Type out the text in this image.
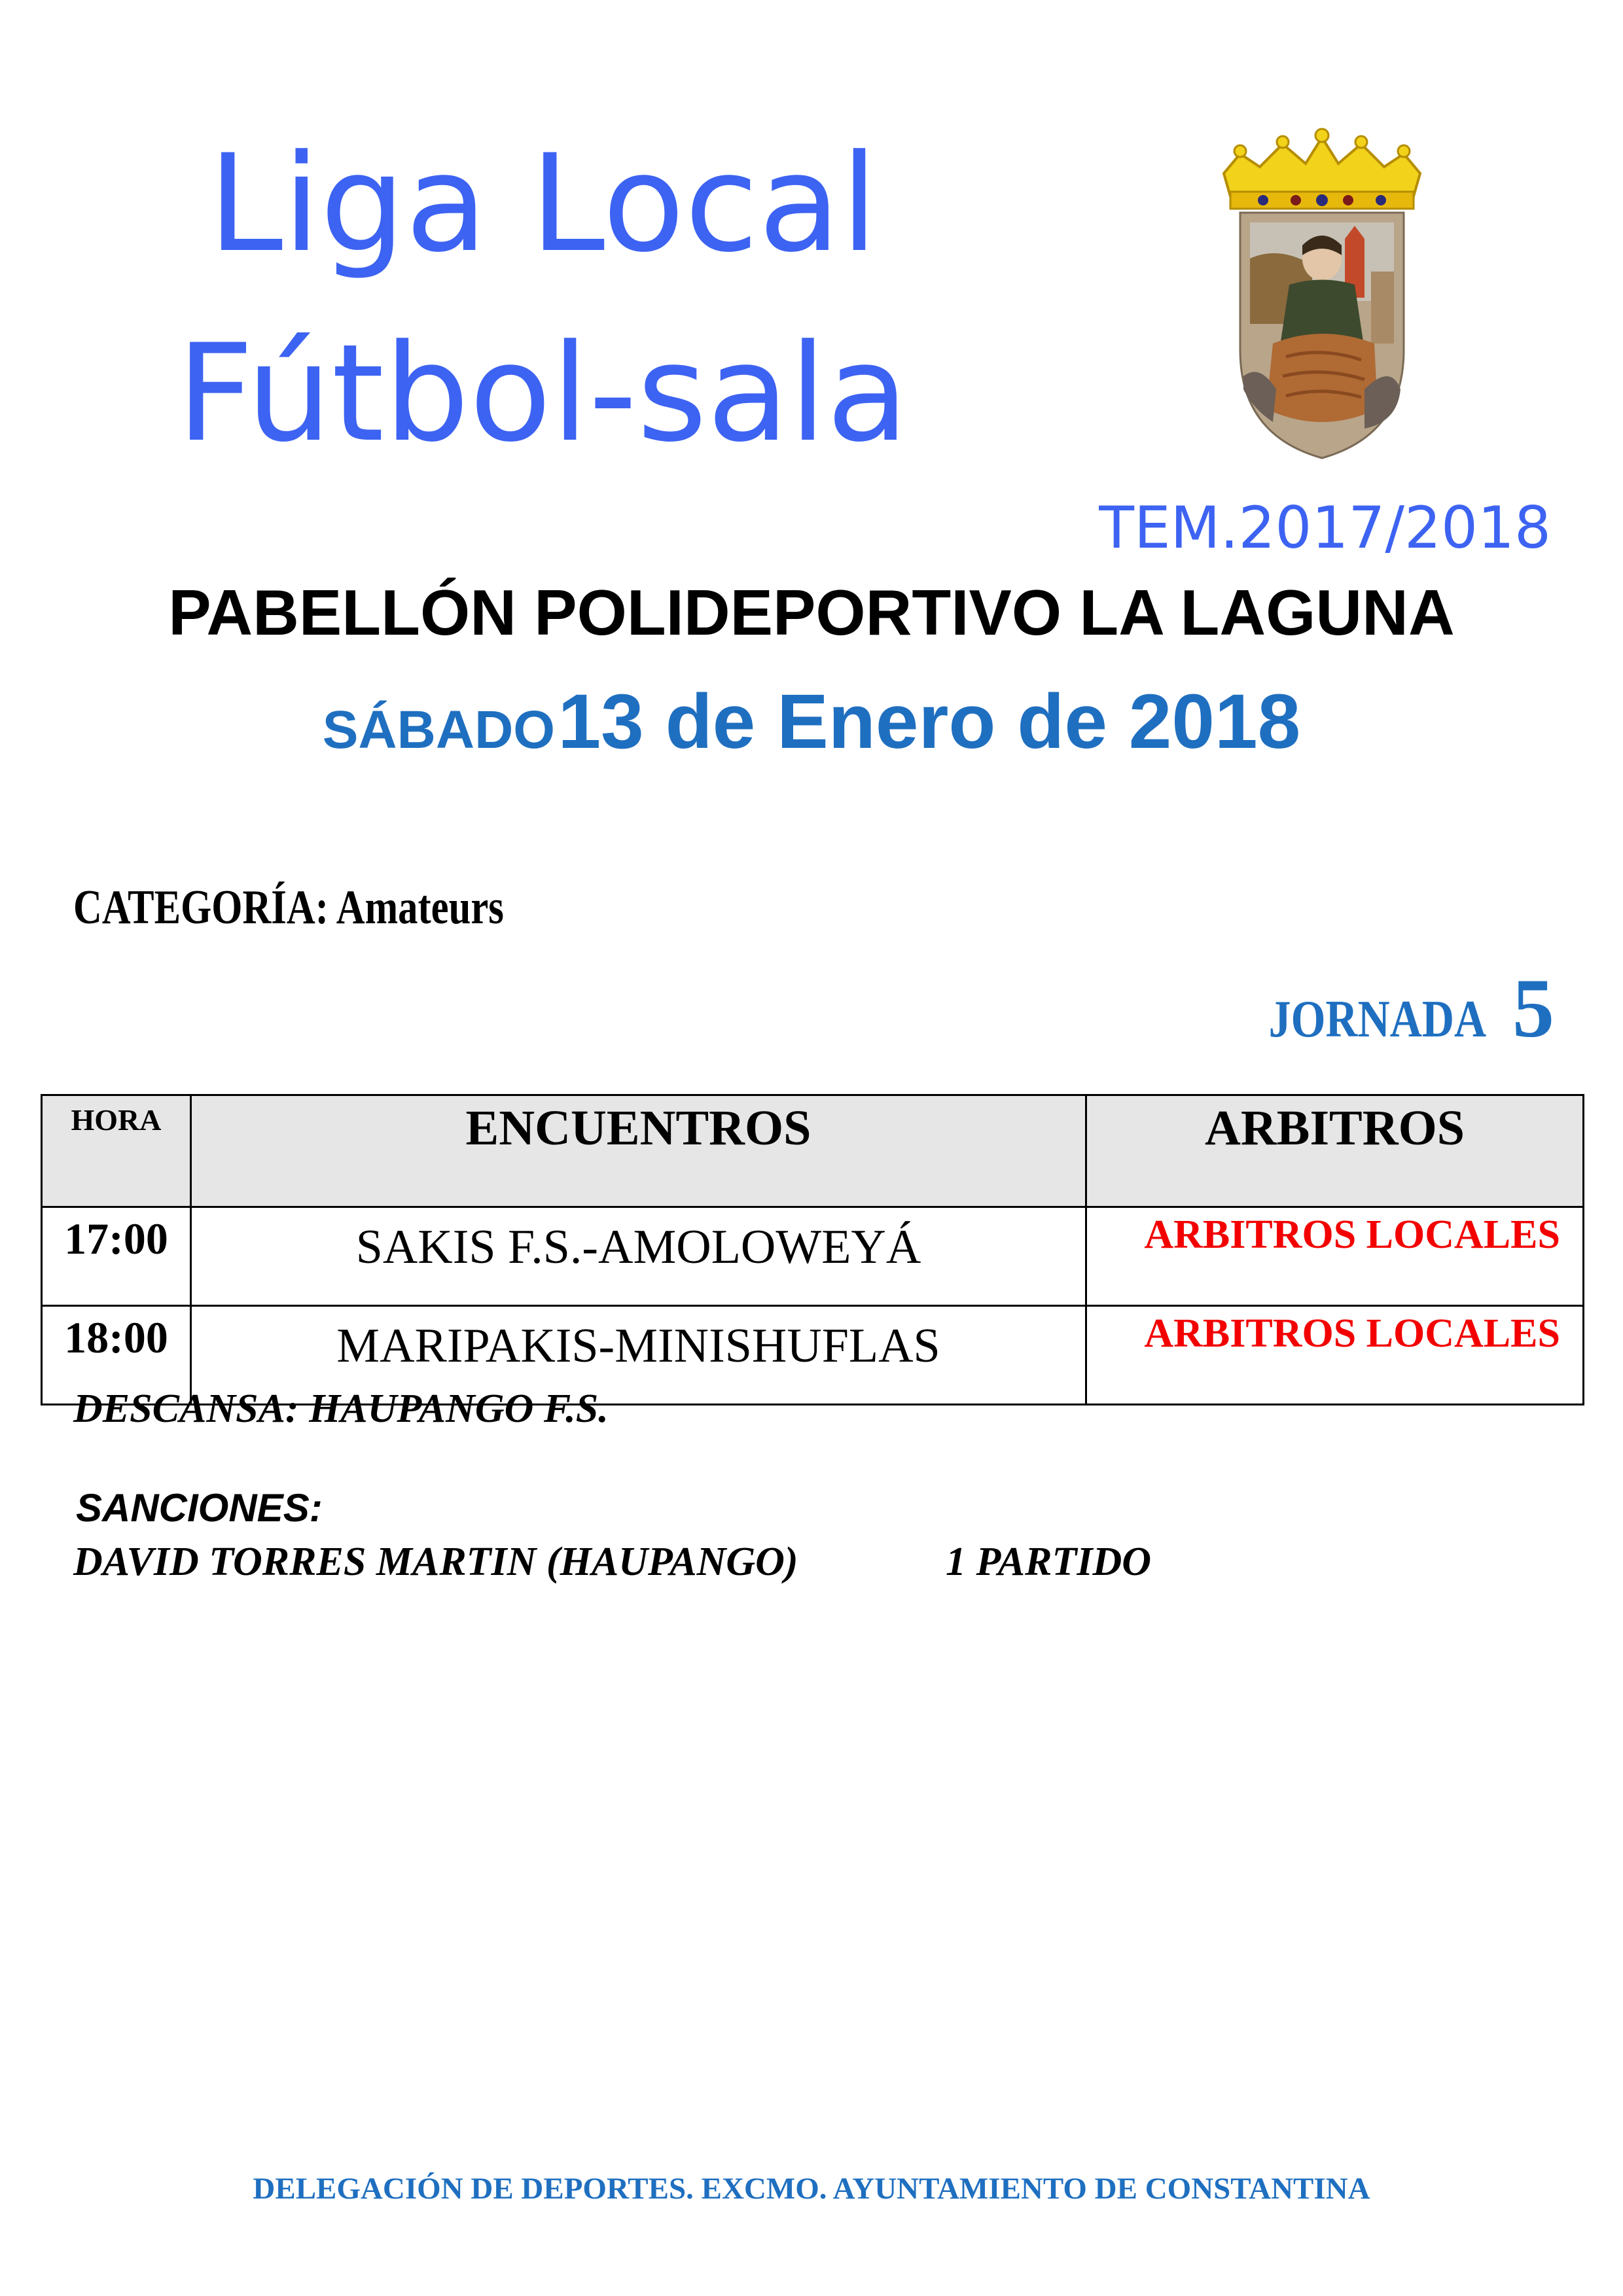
Liga Local
Fútbol-sala
TEM.2017/2018
PABELLÓN POLIDEPORTIVO LA LAGUNA
SÁBADO 13 de Enero de 2018
CATEGORÍA: Amateurs
JORNADA 5
HORA	ENCUENTROS	ARBITROS
17:00	SAKIS F.S.-AMOLOWEYÁ	ARBITROS LOCALES
18:00	MARIPAKIS-MINISHUFLAS	ARBITROS LOCALES
DESCANSA: HAUPANGO F.S.
SANCIONES:
DAVID TORRES MARTIN (HAUPANGO)	1 PARTIDO
DELEGACIÓN DE DEPORTES. EXCMO. AYUNTAMIENTO DE CONSTANTINA
